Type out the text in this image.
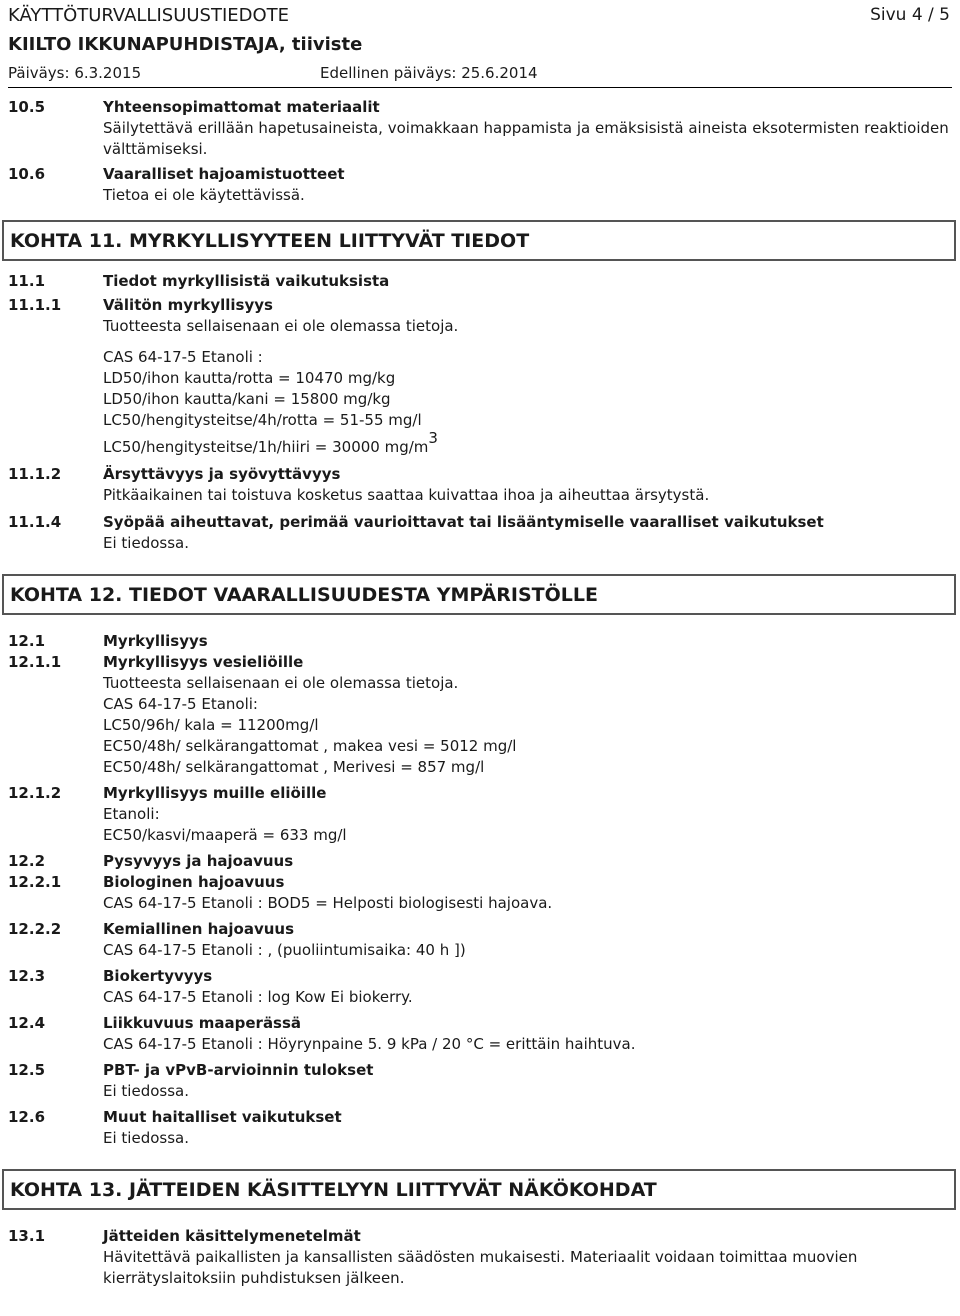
KÄYTTÖTURVALLISUUSTIEDOTE	Sivu 4 / 5
KIILTO IKKUNAPUHDISTAJA, tiiviste
Päiväys: 6.3.2015	Edellinen päiväys: 25.6.2014
10.5	Yhteensopimattomat materiaalit
Säilytettävä erillään hapetusaineista, voimakkaan happamista ja emäksisistä aineista eksotermisten reaktioiden välttämiseksi.
10.6	Vaaralliset hajoamistuotteet
Tietoa ei ole käytettävissä.
KOHTA 11. MYRKYLLISYYTEEN LIITTYVÄT TIEDOT
11.1	Tiedot myrkyllisistä vaikutuksista
11.1.1	Välitön myrkyllisyys
Tuotteesta sellaisenaan ei ole olemassa tietoja.
CAS 64-17-5 Etanoli :
LD50/ihon kautta/rotta = 10470 mg/kg
LD50/ihon kautta/kani = 15800 mg/kg
LC50/hengitysteitse/4h/rotta = 51-55 mg/l
LC50/hengitysteitse/1h/hiiri = 30000 $mg/m^3$
11.1.2	Ärsyttävyys ja syövyttävyys
Pitkäaikainen tai toistuva kosketus saattaa kuivattaa ihoa ja aiheuttaa ärsytystä.
11.1.4	Syöpää aiheuttavat, perimää vaurioittavat tai lisääntymiselle vaaralliset vaikutukset
Ei tiedossa.
KOHTA 12. TIEDOT VAARALLISUUDESTA YMPÄRISTÖLLE
12.1	Myrkyllisyys
12.1.1	Myrkyllisyys vesieliöille
Tuotteesta sellaisenaan ei ole olemassa tietoja.
CAS 64-17-5 Etanoli:
LC50/96h/ kala = 11200mg/l
EC50/48h/ selkärangattomat , makea vesi = 5012 mg/l
EC50/48h/ selkärangattomat , Merivesi = 857 mg/l
12.1.2	Myrkyllisyys muille eliöille
Etanoli:
EC50/kasvi/maaperä = 633 mg/l
12.2	Pysyvyys ja hajoavuus
12.2.1	Biologinen hajoavuus
CAS 64-17-5 Etanoli : BOD5 = Helposti biologisesti hajoava.
12.2.2	Kemiallinen hajoavuus
CAS 64-17-5 Etanoli : , (puoliintumisaika: 40 h ])
12.3	Biokertyvyys
CAS 64-17-5 Etanoli : log Kow Ei biokerry.
12.4	Liikkuvuus maaperässä
CAS 64-17-5 Etanoli : Höyrynpaine 5. 9 kPa / 20 °C = erittäin haihtuva.
12.5	PBT- ja vPvB-arvioinnin tulokset
Ei tiedossa.
12.6	Muut haitalliset vaikutukset
Ei tiedossa.
KOHTA 13. JÄTTEIDEN KÄSITTELYYN LIITTYVÄT NÄKÖKOHDAT
13.1	Jätteiden käsittelymenetelmät
Hävitettävä paikallisten ja kansallisten säädösten mukaisesti. Materiaalit voidaan toimittaa muovien kierrätyslaitoksiin puhdistuksen jälkeen.
